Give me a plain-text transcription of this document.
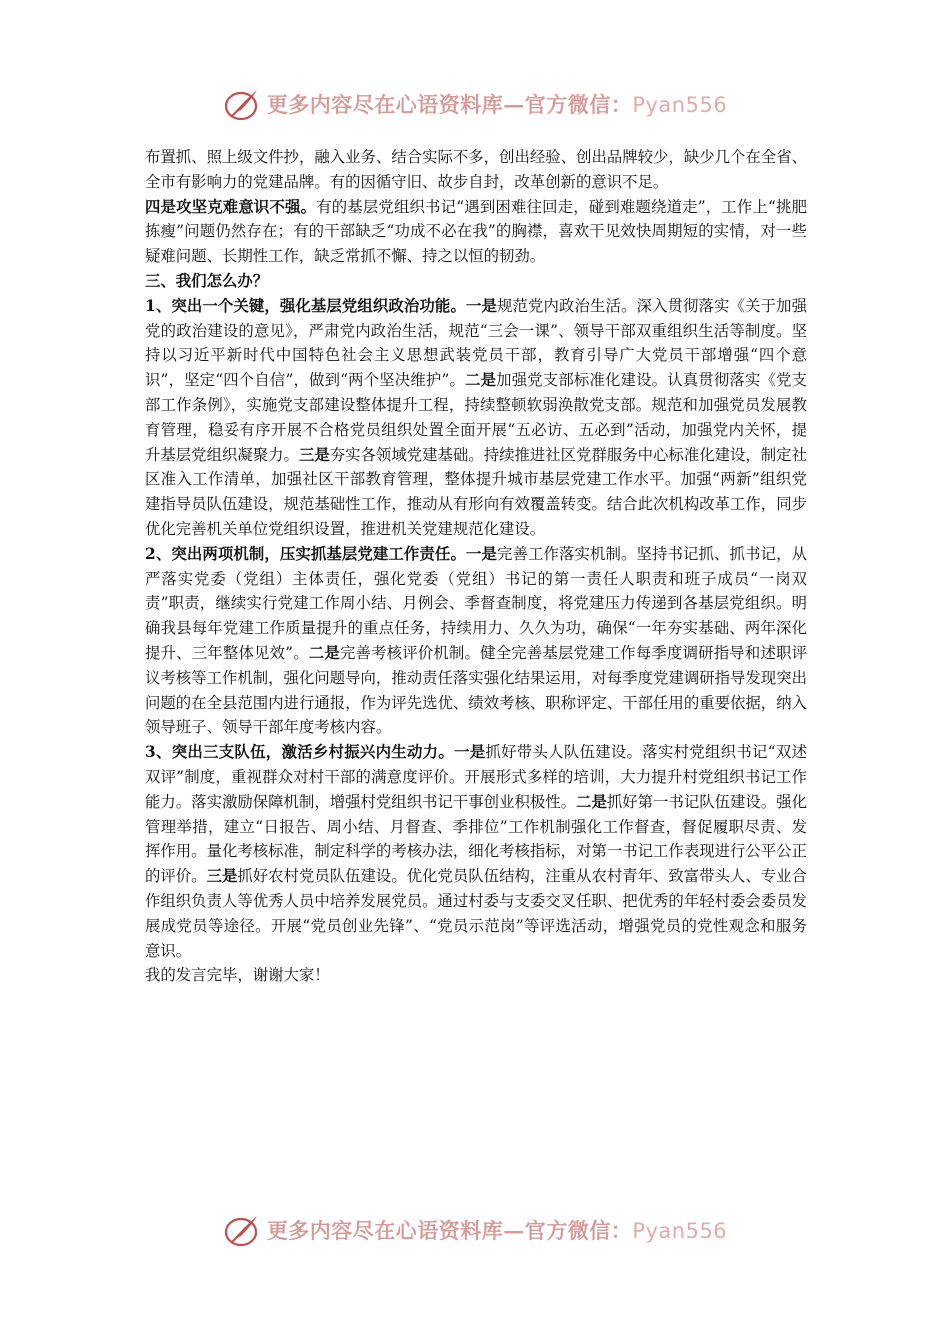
更多内容尽在心语资料库—官方微信：Pyan556

布置抓、照上级文件抄，融入业务、结合实际不多，创出经验、创出品牌较少，缺少几个在全省、全市有影响力的党建品牌。有的因循守旧、故步自封，改革创新的意识不足。

四是攻坚克难意识不强。有的基层党组织书记“遇到困难往回走，碰到难题绕道走”，工作上“挑肥拣瘦”问题仍然存在；有的干部缺乏“功成不必在我”的胸襟，喜欢干见效快周期短的实情，对一些疑难问题、长期性工作，缺乏常抓不懈、持之以恒的韧劲。

三、我们怎么办？

1、突出一个关键，强化基层党组织政治功能。一是规范党内政治生活。深入贯彻落实《关于加强党的政治建设的意见》，严肃党内政治生活，规范“三会一课”、领导干部双重组织生活等制度。坚持以习近平新时代中国特色社会主义思想武装党员干部，教育引导广大党员干部增强“四个意识”，坚定“四个自信”，做到“两个坚决维护”。二是加强党支部标准化建设。认真贯彻落实《党支部工作条例》，实施党支部建设整体提升工程，持续整顿软弱涣散党支部。规范和加强党员发展教育管理，稳妥有序开展不合格党员组织处置全面开展“五必访、五必到”活动，加强党内关怀，提升基层党组织凝聚力。三是夯实各领域党建基础。持续推进社区党群服务中心标准化建设，制定社区准入工作清单，加强社区干部教育管理，整体提升城市基层党建工作水平。加强“两新”组织党建指导员队伍建设，规范基础性工作，推动从有形向有效覆盖转变。结合此次机构改革工作，同步优化完善机关单位党组织设置，推进机关党建规范化建设。

2、突出两项机制，压实抓基层党建工作责任。一是完善工作落实机制。坚持书记抓、抓书记，从严落实党委（党组）主体责任，强化党委（党组）书记的第一责任人职责和班子成员“一岗双责”职责，继续实行党建工作周小结、月例会、季督查制度，将党建压力传递到各基层党组织。明确我县每年党建工作质量提升的重点任务，持续用力、久久为功，确保“一年夯实基础、两年深化提升、三年整体见效”。二是完善考核评价机制。健全完善基层党建工作每季度调研指导和述职评议考核等工作机制，强化问题导向，推动责任落实强化结果运用，对每季度党建调研指导发现突出问题的在全县范围内进行通报，作为评先选优、绩效考核、职称评定、干部任用的重要依据，纳入领导班子、领导干部年度考核内容。

3、突出三支队伍，激活乡村振兴内生动力。一是抓好带头人队伍建设。落实村党组织书记“双述双评”制度，重视群众对村干部的满意度评价。开展形式多样的培训，大力提升村党组织书记工作能力。落实激励保障机制，增强村党组织书记干事创业积极性。二是抓好第一书记队伍建设。强化管理举措，建立“日报告、周小结、月督查、季排位”工作机制强化工作督查，督促履职尽责、发挥作用。量化考核标准，制定科学的考核办法，细化考核指标，对第一书记工作表现进行公平公正的评价。三是抓好农村党员队伍建设。优化党员队伍结构，注重从农村青年、致富带头人、专业合作组织负责人等优秀人员中培养发展党员。通过村委与支委交叉任职、把优秀的年轻村委会委员发展成党员等途径。开展“党员创业先锋”、“党员示范岗”等评选活动，增强党员的党性观念和服务意识。

我的发言完毕，谢谢大家！

更多内容尽在心语资料库—官方微信：Pyan556
